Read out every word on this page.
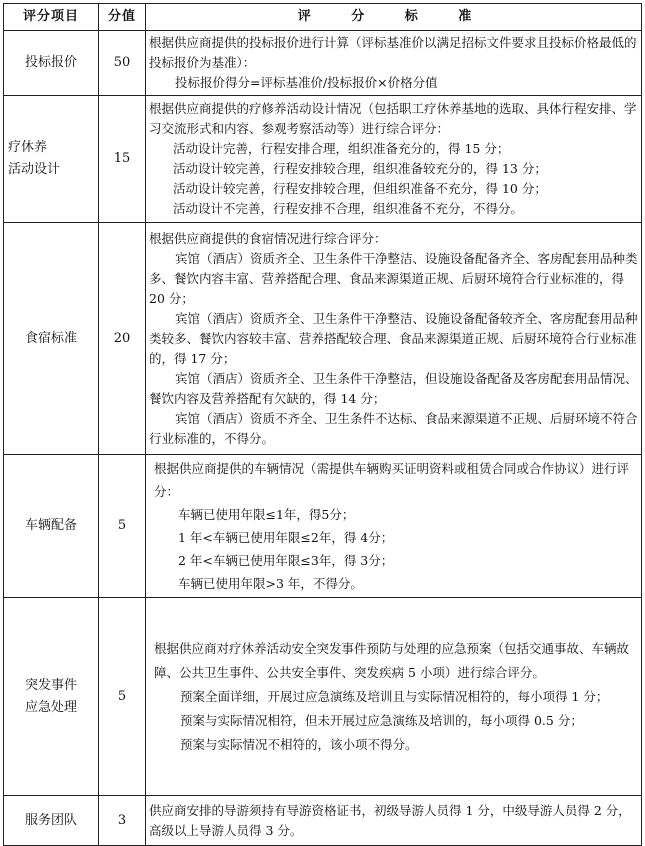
评分项目	分值	评 分 标 准

投标报价	50	根据供应商提供的投标报价进行计算（评标基准价以满足招标文件要求且投标价格最低的投标报价为基准）：
投标报价得分=评标基准价/投标报价×价格分值

疗休养
活动设计	15	根据供应商提供的疗修养活动设计情况（包括职工疗休养基地的选取、具体行程安排、学习交流形式和内容、参观考察活动等）进行综合评分：
活动设计完善，行程安排合理，组织准备充分的，得 15 分；
活动设计较完善，行程安排较合理，组织准备较充分的，得 13 分；
活动设计较完善，行程安排较合理，但组织准备不充分，得 10 分；
活动设计不完善，行程安排不合理，组织准备不充分，不得分。

食宿标准	20	根据供应商提供的食宿情况进行综合评分：
宾馆（酒店）资质齐全、卫生条件干净整洁、设施设备配备齐全、客房配套用品种类多、餐饮内容丰富、营养搭配合理、食品来源渠道正规、后厨环境符合行业标准的，得 20 分；
宾馆（酒店）资质齐全、卫生条件干净整洁、设施设备配备较齐全、客房配套用品种类较多、餐饮内容较丰富、营养搭配较合理、食品来源渠道正规、后厨环境符合行业标准的，得 17 分；
宾馆（酒店）资质齐全、卫生条件干净整洁，但设施设备配备及客房配套用品情况、餐饮内容及营养搭配有欠缺的，得 14 分；
宾馆（酒店）资质不齐全、卫生条件不达标、食品来源渠道不正规、后厨环境不符合行业标准的，不得分。

车辆配备	5	根据供应商提供的车辆情况（需提供车辆购买证明资料或租赁合同或合作协议）进行评分：
车辆已使用年限≤1年，得5分；
1 年<车辆已使用年限≤2年，得 4分；
2 年<车辆已使用年限≤3年，得 3分；
车辆已使用年限>3 年，不得分。

突发事件
应急处理	5	根据供应商对疗休养活动安全突发事件预防与处理的应急预案（包括交通事故、车辆故障、公共卫生事件、公共安全事件、突发疾病 5 小项）进行综合评分。
预案全面详细，开展过应急演练及培训且与实际情况相符的，每小项得 1 分；
预案与实际情况相符，但未开展过应急演练及培训的，每小项得 0.5 分；
预案与实际情况不相符的，该小项不得分。

服务团队	3	供应商安排的导游须持有导游资格证书，初级导游人员得 1 分，中级导游人员得 2 分，高级以上导游人员得 3 分。
